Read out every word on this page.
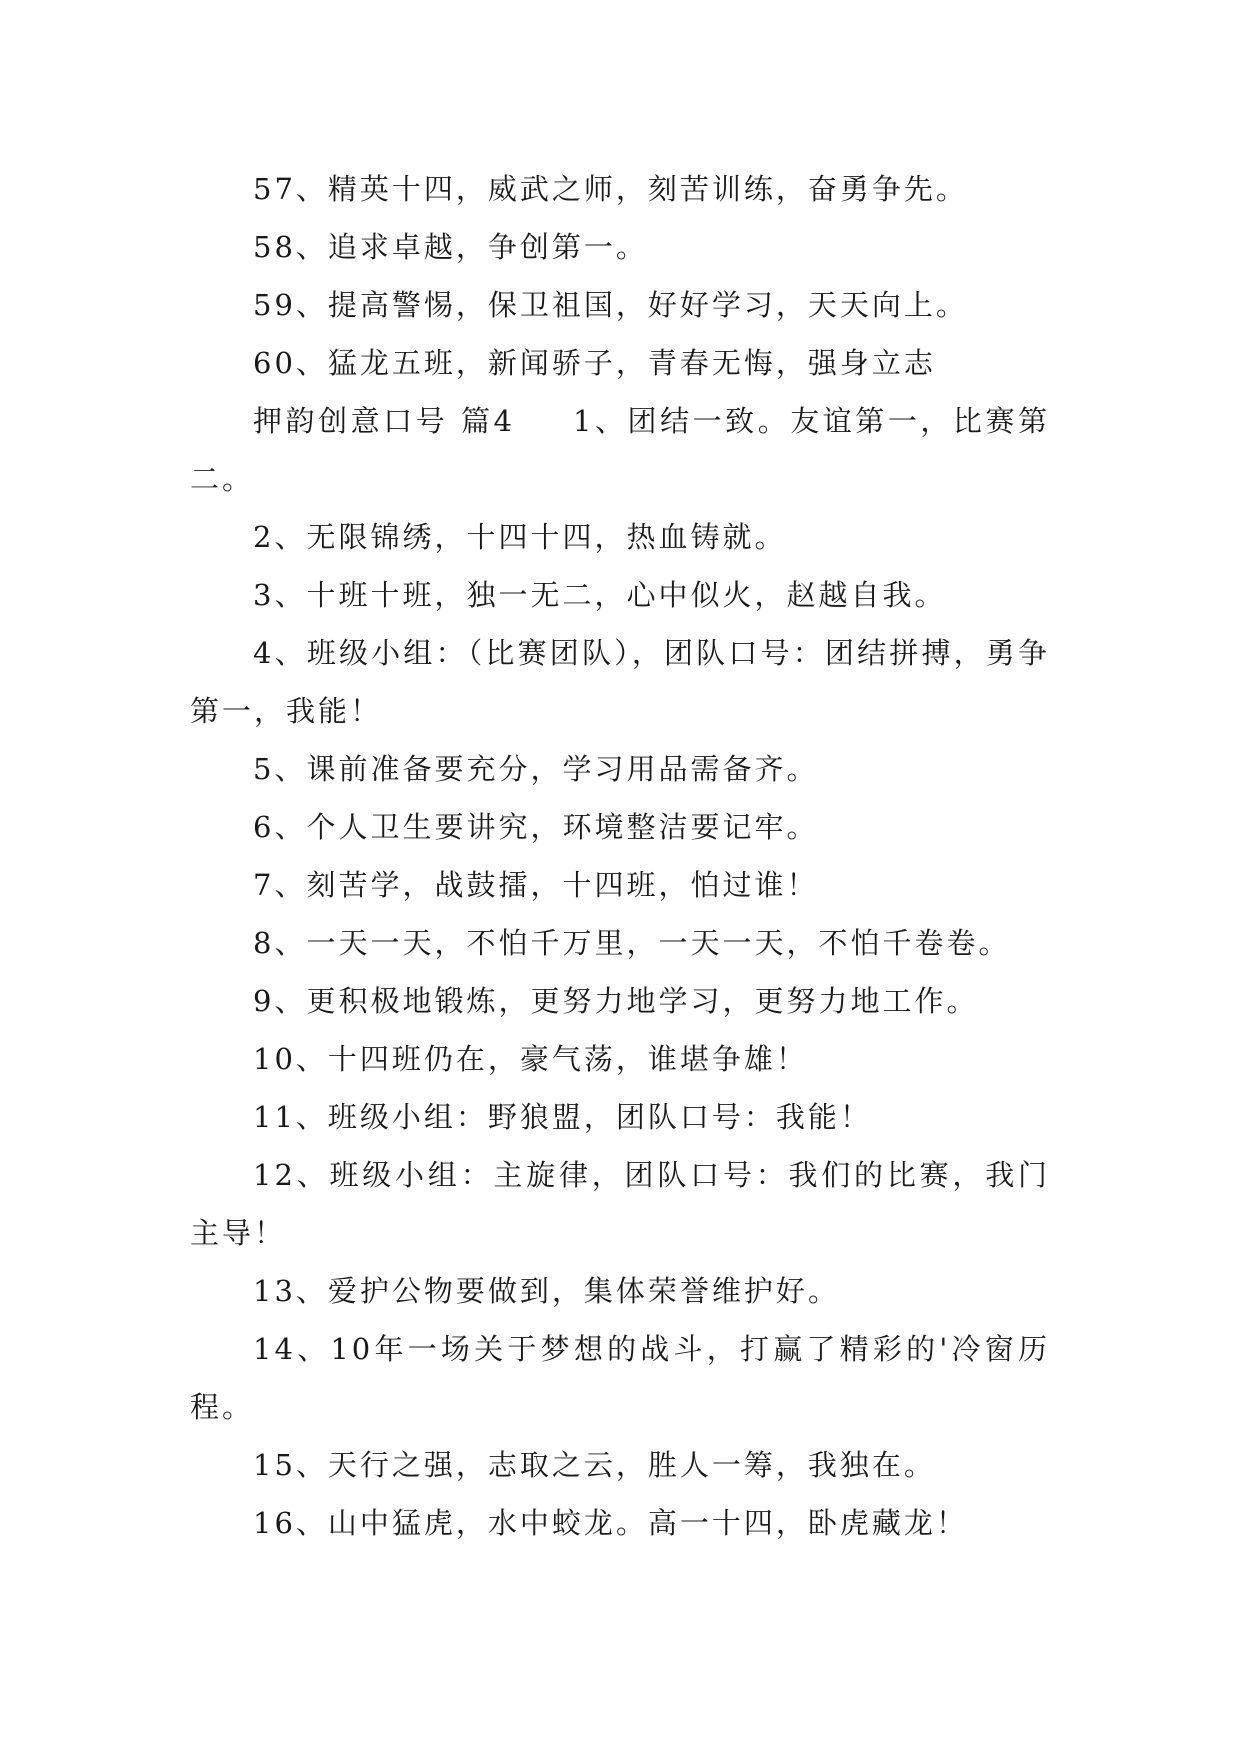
57、精英十四，威武之师，刻苦训练，奋勇争先。

58、追求卓越，争创第一。

59、提高警惕，保卫祖国，好好学习，天天向上。

60、猛龙五班，新闻骄子，青春无悔，强身立志

押韵创意口号 篇4 1、团结一致。友谊第一，比赛第二。

2、无限锦绣，十四十四，热血铸就。

3、十班十班，独一无二，心中似火，赵越自我。

4、班级小组：（比赛团队），团队口号：团结拼搏，勇争第一，我能！

5、课前准备要充分，学习用品需备齐。

6、个人卫生要讲究，环境整洁要记牢。

7、刻苦学，战鼓擂，十四班，怕过谁！

8、一天一天，不怕千万里，一天一天，不怕千卷卷。

9、更积极地锻炼，更努力地学习，更努力地工作。

10、十四班仍在，豪气荡，谁堪争雄！

11、班级小组：野狼盟，团队口号：我能！

12、班级小组：主旋律，团队口号：我们的比赛，我门主导！

13、爱护公物要做到，集体荣誉维护好。

14、10年一场关于梦想的战斗，打赢了精彩的'冷窗历程。

15、天行之强，志取之云，胜人一筹，我独在。

16、山中猛虎，水中蛟龙。高一十四，卧虎藏龙！
